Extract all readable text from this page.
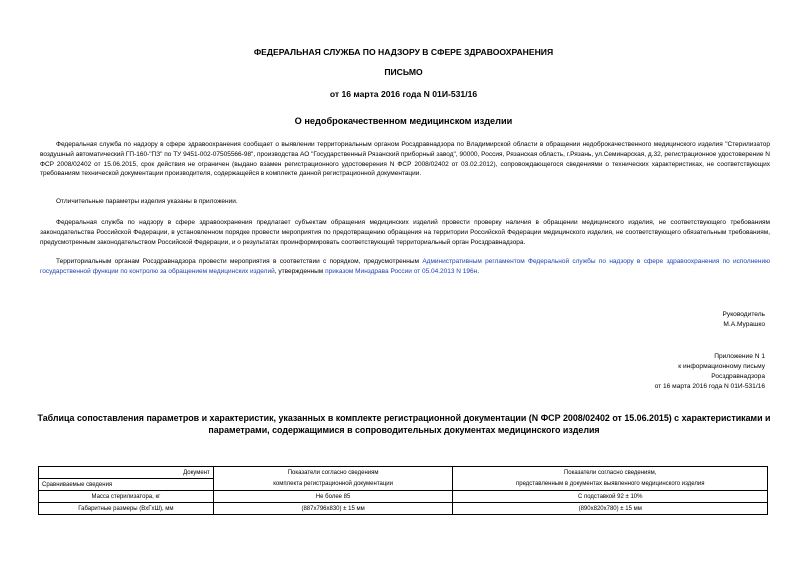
ФЕДЕРАЛЬНАЯ СЛУЖБА ПО НАДЗОРУ В СФЕРЕ ЗДРАВООХРАНЕНИЯ
ПИСЬМО
от 16 марта 2016 года N 01И-531/16
О недоброкачественном медицинском изделии
Федеральная служба по надзору в сфере здравоохранения сообщает о выявлении территориальным органом Росздравнадзора по Владимирской области в обращении недоброкачественного медицинского изделия "Стерилизатор воздушный автоматический ГП-160-"ПЗ" по ТУ 9451-002-07505566-98", производства АО "Государственный Рязанский приборный завод", 90000, Россия, Рязанская область, г.Рязань, ул.Семинарская, д.32, регистрационное удостоверение N ФСР 2008/02402 от 15.06.2015, срок действия не ограничен (выдано взамен регистрационного удостоверения N ФСР 2008/02402 от 03.02.2012), сопровождающегося сведениями о технических характеристиках, не соответствующих требованиям технической документации производителя, содержащейся в комплекте данной регистрационной документации.
Отличительные параметры изделия указаны в приложении.
Федеральная служба по надзору в сфере здравоохранения предлагает субъектам обращения медицинских изделий провести проверку наличия в обращении медицинского изделия, не соответствующего требованиям законодательства Российской Федерации, в установленном порядке провести мероприятия по предотвращению обращения на территории Российской Федерации медицинского изделия, не соответствующего обязательным требованиям, предусмотренным законодательством Российской Федерации, и о результатах проинформировать соответствующий территориальный орган Росздравнадзора.
Территориальным органам Росздравнадзора провести мероприятия в соответствии с порядком, предусмотренным Административным регламентом Федеральной службы по надзору в сфере здравоохранения по исполнению государственной функции по контролю за обращением медицинских изделий, утвержденным приказом Минздрава России от 05.04.2013 N 196н.
Руководитель
М.А.Мурашко
Приложение N 1
к информационному письму
Росздравнадзора
от 16 марта 2016 года N 01И-531/16
Таблица сопоставления параметров и характеристик, указанных в комплекте регистрационной документации (N ФСР 2008/02402 от 15.06.2015) с характеристиками и параметрами, содержащимися в сопроводительных документах медицинского изделия
Документ	Показатели согласно сведениям	Показатели согласно сведениям,
Сравниваемые сведения	комплекта регистрационной документации	представленным в документах выявленного медицинского изделия
Масса стерилизатора, кг	Не более 85	С подставкой 92 ± 10%
Габаритные размеры (ВхГхШ), мм	(887х796х830) ± 15 мм	(890х820х780) ± 15 мм
